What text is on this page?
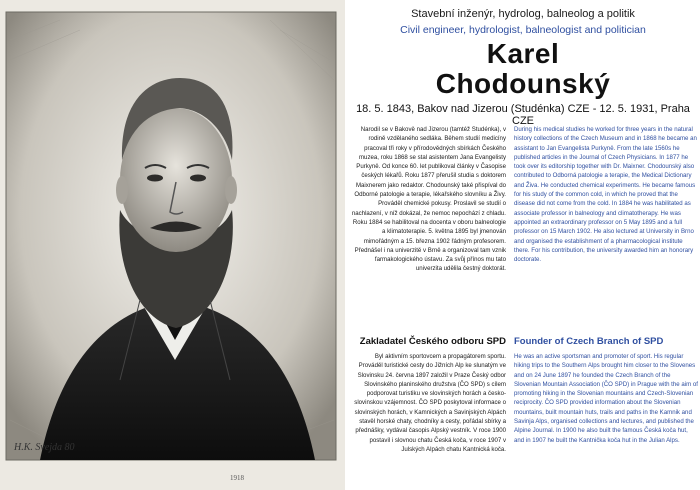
H.K. Svejda 80
1918
Stavební inženýr, hydrolog, balneolog a politik
Civil engineer, hydrologist, balneologist and politician
Karel
Chodounský
18. 5. 1843, Bakov nad Jizerou (Studénka) CZE - 12. 5. 1931, Praha CZE

Narodil se v Bakově nad Jizerou (tamtéž Studénka), v rodině vzdělaného sedláka. Během studií medicíny pracoval tři roky v přírodovědných sbírkách Českého muzea, roku 1868 se stal asistentem Jana Evangelisty Purkyně. Od konce 60. let publikoval články v Časopise českých lékařů. Roku 1877 přerušil studia s doktorem Maixnerem jako redaktor. Chodounský také přispíval do Odborné patologie a terapie, lékařského slovníku a Živy. Prováděl chemické pokusy. Proslavil se studií o nachlazení, v níž dokázal, že nemoc nepochází z chladu. Roku 1884 se habilitoval na docenta v oboru balneologie a klimatoterapie. 5. května 1895 byl jmenován mimořádným a 15. března 1902 řádným profesorem. Přednášel i na univerzitě v Brně a organizoval tam vznik farmakologického ústavu. Za svůj přínos mu tato univerzita udělila čestný doktorát.

During his medical studies he worked for three years in the natural history collections of the Czech Museum and in 1868 he became an assistant to Jan Evangelista Purkyně. From the late 1560s he published articles in the Journal of Czech Physicians. In 1877 he took over its editorship together with Dr. Maixner. Chodounský also contributed to Odborná patologie a terapie, the Medical Dictionary and Živa. He conducted chemical experiments. He became famous for his study of the common cold, in which he proved that the disease did not come from the cold. In 1884 he was habilitated as associate professor in balneology and climatotherapy. He was appointed an extraordinary professor on 5 May 1895 and a full professor on 15 March 1902. He also lectured at University in Brno and organised the establishment of a pharmacological institute there. For his contribution, the university awarded him an honorary doctorate.

Zakladatel Českého odboru SPD Founder of Czech Branch of SPD

Byl aktivním sportovcem a propagátorem sportu. Prováděl turistické cesty do Jižních Alp ke slunatým ve Slovinsku 24. června 1897 založil v Praze Český odbor Slovinského planinského družstva (ČO SPD) s cílem podporovat turistiku ve slovinských horách a česko-slovinskou vzájemnost. ČO SPD poskytoval informace o slovinských horách, v Kamnických a Savinjských Alpách stavěl horské chaty, chodníky a cesty, pořádal sbírky a přednášky, vydával časopis Alpský vestník. V roce 1900 postavil i slovnou chatu Česká koča, v roce 1907 v Julských Alpách chatu Kantnická koča.

He was an active sportsman and promoter of sport. His regular hiking trips to the Southern Alps brought him closer to the Slovenes and on 24 June 1897 he founded the Czech Branch of the Slovenian Mountain Association (ČO SPD) in Prague with the aim of promoting hiking in the Slovenian mountains and Czech-Slovenian reciprocity. ČO SPD provided information about the Slovenian mountains, built mountain huts, trails and paths in the Kamnik and Savinja Alps, organised collections and lectures, and published the Alpine Journal. In 1900 he also built the famous Česká koča hut, and in 1907 he built the Kantnička koča hut in the Julian Alps.
